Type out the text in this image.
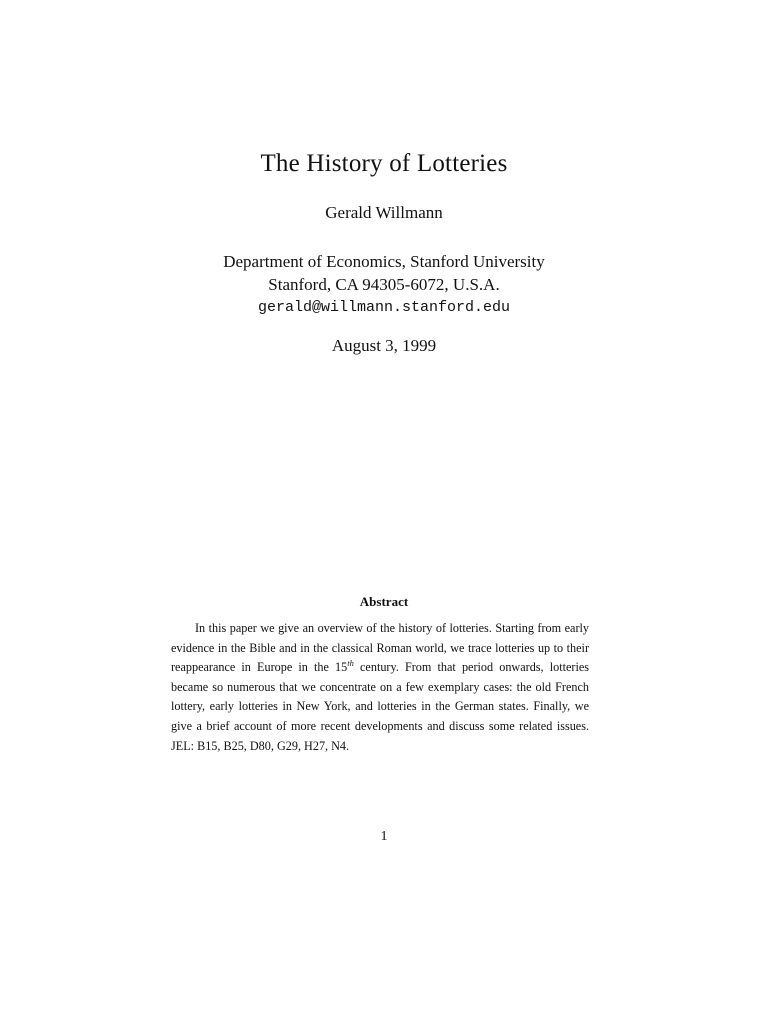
The History of Lotteries
Gerald Willmann
Department of Economics, Stanford University
Stanford, CA 94305-6072, U.S.A.
gerald@willmann.stanford.edu
August 3, 1999
Abstract
In this paper we give an overview of the history of lotteries. Starting from early evidence in the Bible and in the classical Roman world, we trace lotteries up to their reappearance in Europe in the 15th century. From that period onwards, lotteries became so numerous that we concentrate on a few exemplary cases: the old French lottery, early lotteries in New York, and lotteries in the German states. Finally, we give a brief account of more recent developments and discuss some related issues. JEL: B15, B25, D80, G29, H27, N4.
1
